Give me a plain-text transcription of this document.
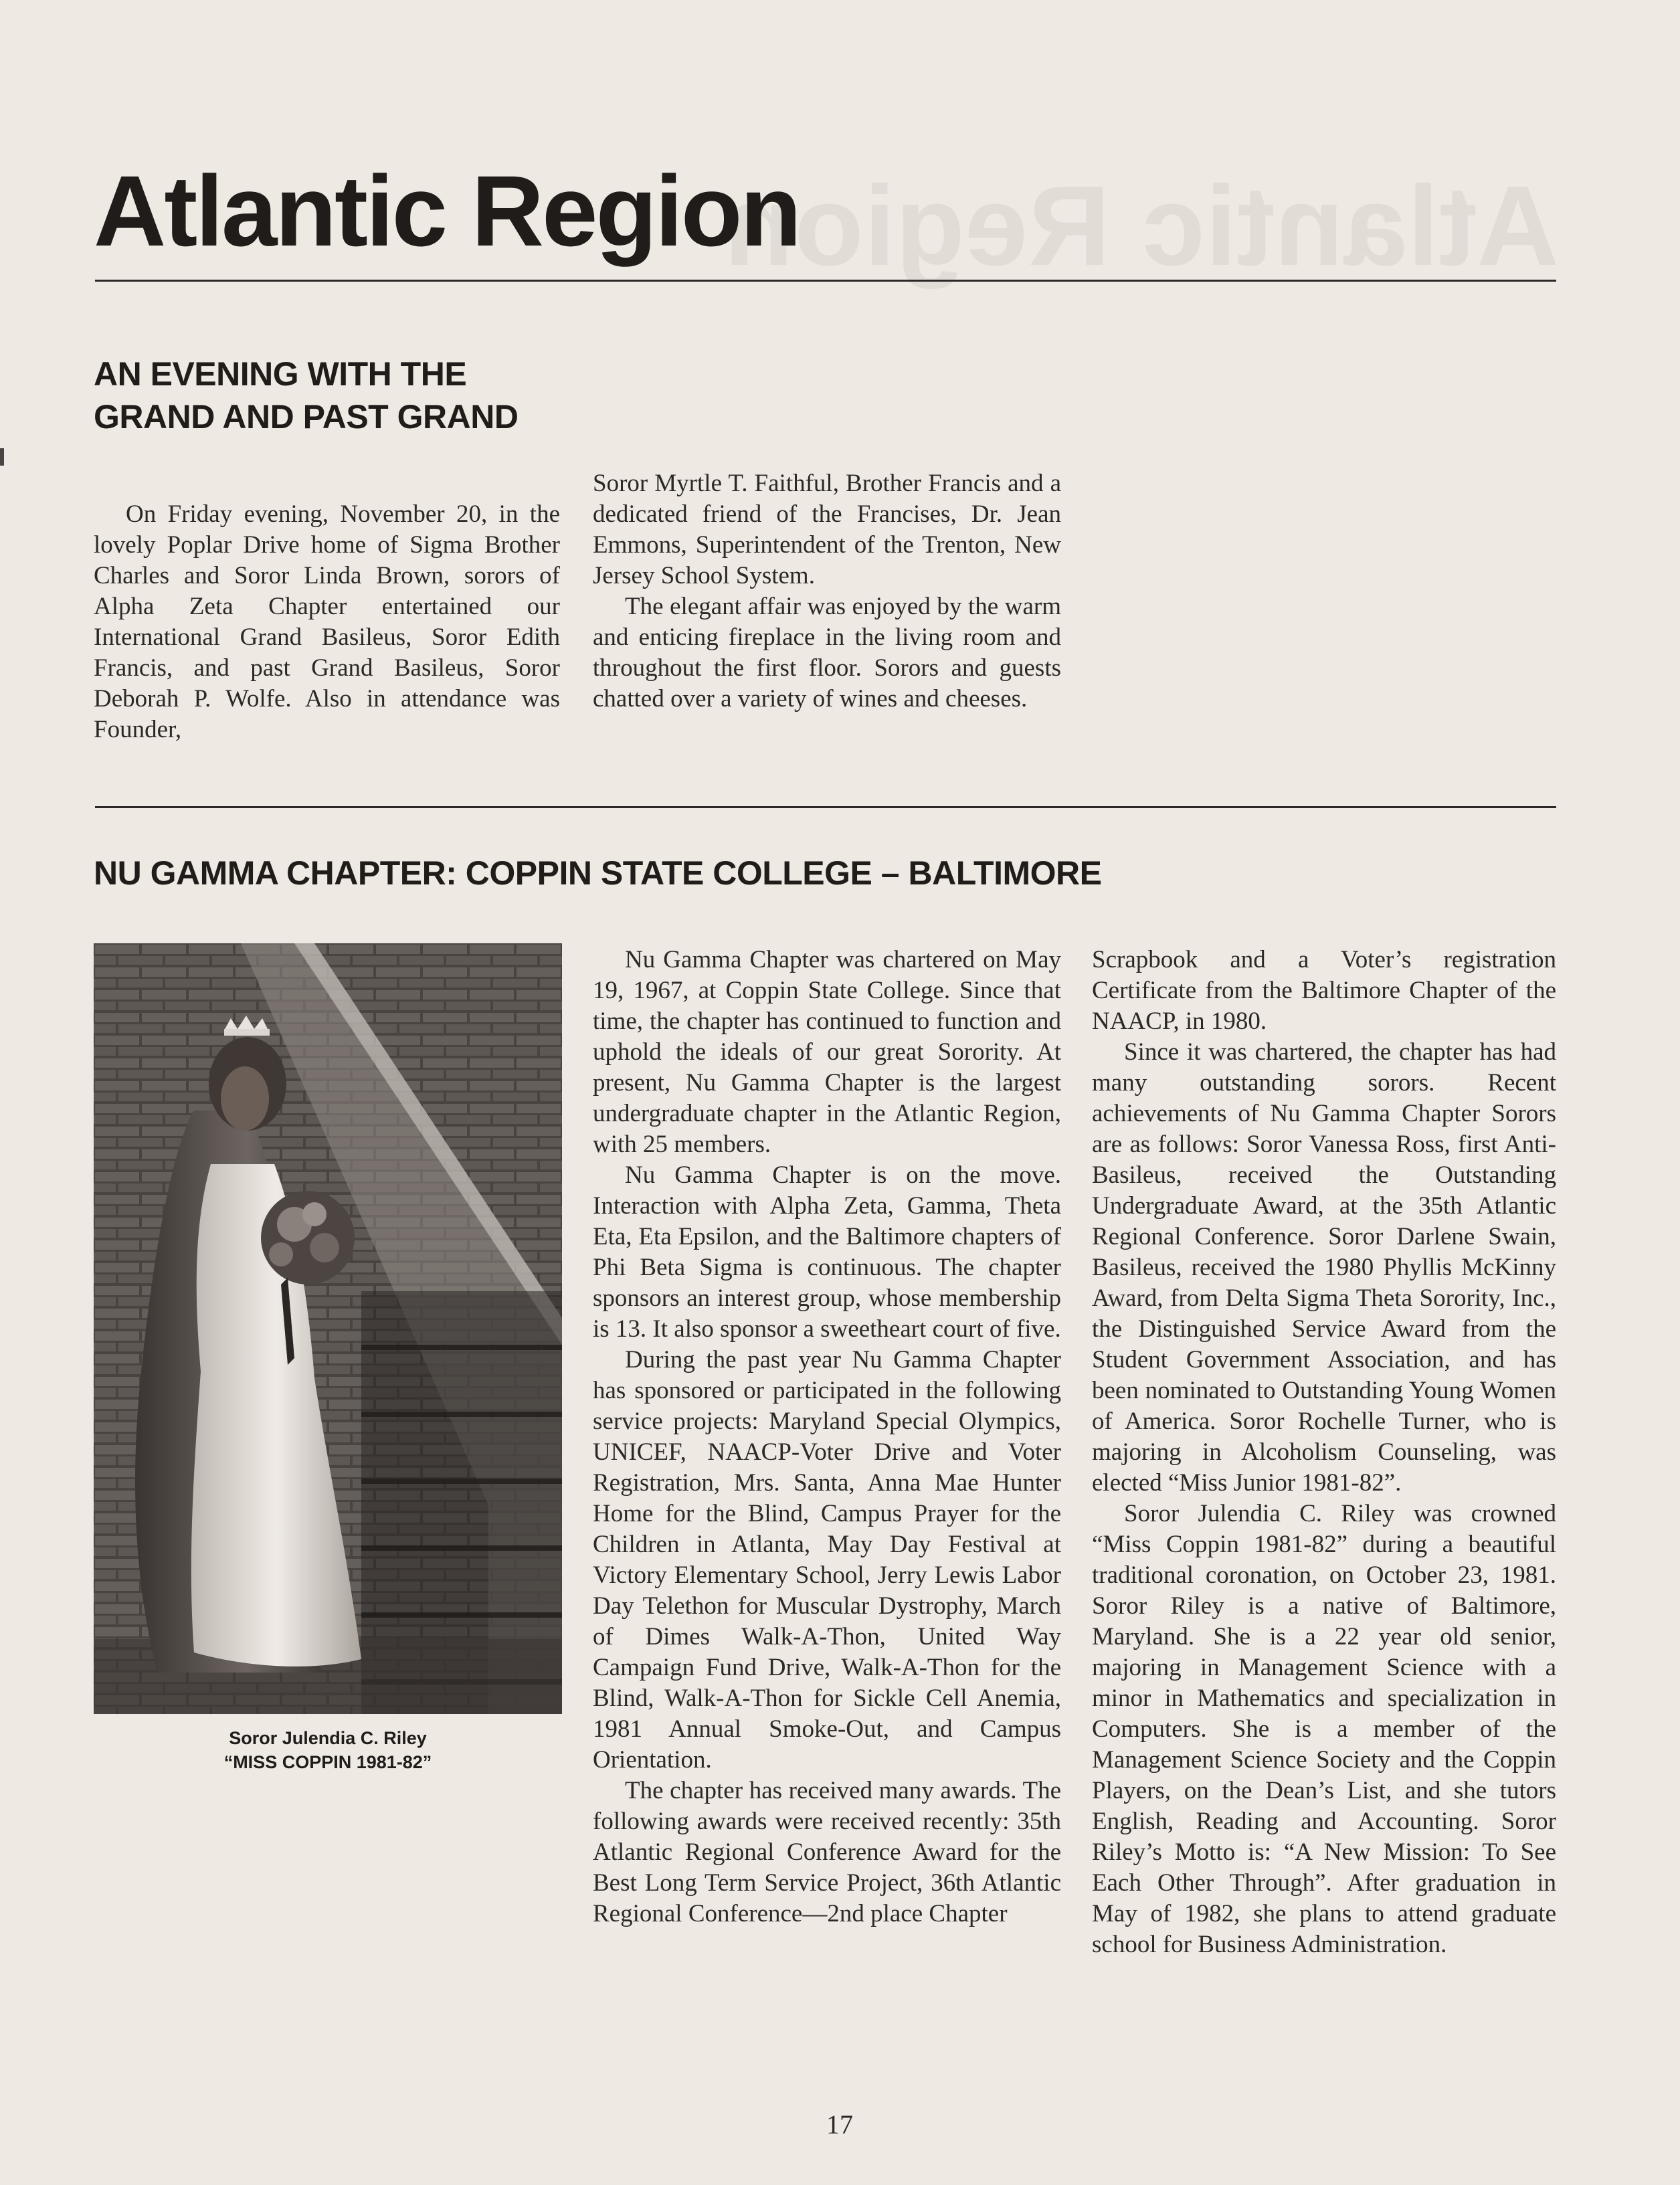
Atlantic Region
Atlantic Region
AN EVENING WITH THE GRAND AND PAST GRAND

On Friday evening, November 20, in the lovely Poplar Drive home of Sigma Brother Charles and Soror Linda Brown, sorors of Alpha Zeta Chapter entertained our International Grand Basileus, Soror Edith Francis, and past Grand Basileus, Soror Deborah P. Wolfe. Also in attendance was Founder,

Soror Myrtle T. Faithful, Brother Francis and a dedicated friend of the Francises, Dr. Jean Emmons, Superintendent of the Trenton, New Jersey School System.

The elegant affair was enjoyed by the warm and enticing fireplace in the living room and throughout the first floor. Sorors and guests chatted over a variety of wines and cheeses.

NU GAMMA CHAPTER: COPPIN STATE COLLEGE – BALTIMORE
Soror Julendia C. Riley
“MISS COPPIN 1981-82”

Nu Gamma Chapter was chartered on May 19, 1967, at Coppin State College. Since that time, the chapter has continued to function and uphold the ideals of our great Sorority. At present, Nu Gamma Chapter is the largest undergraduate chapter in the Atlantic Region, with 25 members.

Nu Gamma Chapter is on the move. Interaction with Alpha Zeta, Gamma, Theta Eta, Eta Epsilon, and the Baltimore chapters of Phi Beta Sigma is continuous. The chapter sponsors an interest group, whose membership is 13. It also sponsor a sweetheart court of five.

During the past year Nu Gamma Chapter has sponsored or participated in the following service projects: Maryland Special Olympics, UNICEF, NAACP-Voter Drive and Voter Registration, Mrs. Santa, Anna Mae Hunter Home for the Blind, Campus Prayer for the Children in Atlanta, May Day Festival at Victory Elementary School, Jerry Lewis Labor Day Telethon for Muscular Dystrophy, March of Dimes Walk-A-Thon, United Way Campaign Fund Drive, Walk-A-Thon for the Blind, Walk-A-Thon for Sickle Cell Anemia, 1981 Annual Smoke-Out, and Campus Orientation.

The chapter has received many awards. The following awards were received recently: 35th Atlantic Regional Conference Award for the Best Long Term Service Project, 36th Atlantic Regional Conference—2nd place Chapter

Scrapbook and a Voter’s registration Certificate from the Baltimore Chapter of the NAACP, in 1980.

Since it was chartered, the chapter has had many outstanding sorors. Recent achievements of Nu Gamma Chapter Sorors are as follows: Soror Vanessa Ross, first Anti-Basileus, received the Outstanding Undergraduate Award, at the 35th Atlantic Regional Conference. Soror Darlene Swain, Basileus, received the 1980 Phyllis McKinny Award, from Delta Sigma Theta Sorority, Inc., the Distinguished Service Award from the Student Government Association, and has been nominated to Outstanding Young Women of America. Soror Rochelle Turner, who is majoring in Alcoholism Counseling, was elected “Miss Junior 1981-82”.

Soror Julendia C. Riley was crowned “Miss Coppin 1981-82” during a beautiful traditional coronation, on October 23, 1981. Soror Riley is a native of Baltimore, Maryland. She is a 22 year old senior, majoring in Management Science with a minor in Mathematics and specialization in Computers. She is a member of the Management Science Society and the Coppin Players, on the Dean’s List, and she tutors English, Reading and Accounting. Soror Riley’s Motto is: “A New Mission: To See Each Other Through”. After graduation in May of 1982, she plans to attend graduate school for Business Administration.

17
